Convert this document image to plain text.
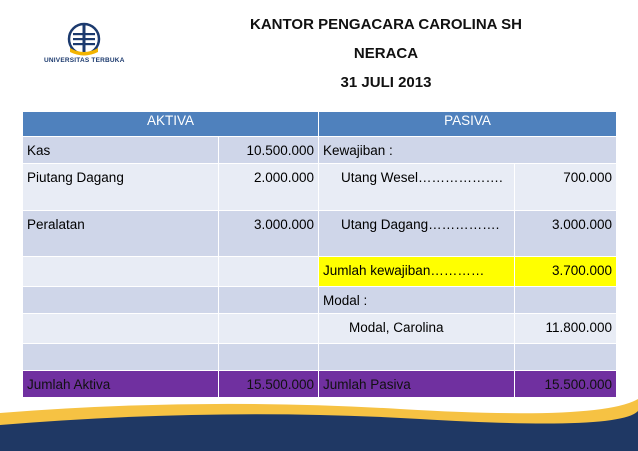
UNIVERSITAS TERBUKA
KANTOR PENGACARA CAROLINA SH
NERACA
31 JULI 2013
AKTIVA		PASIVA	
Kas	10.500.000	Kewajiban :	
Piutang Dagang	2.000.000	Utang Wesel……………….	700.000
Peralatan	3.000.000	Utang Dagang…………….	3.000.000
		Jumlah kewajiban…………	3.700.000
		Modal :	
		Modal, Carolina	11.800.000

Jumlah Aktiva	15.500.000	Jumlah Pasiva	15.500.000
